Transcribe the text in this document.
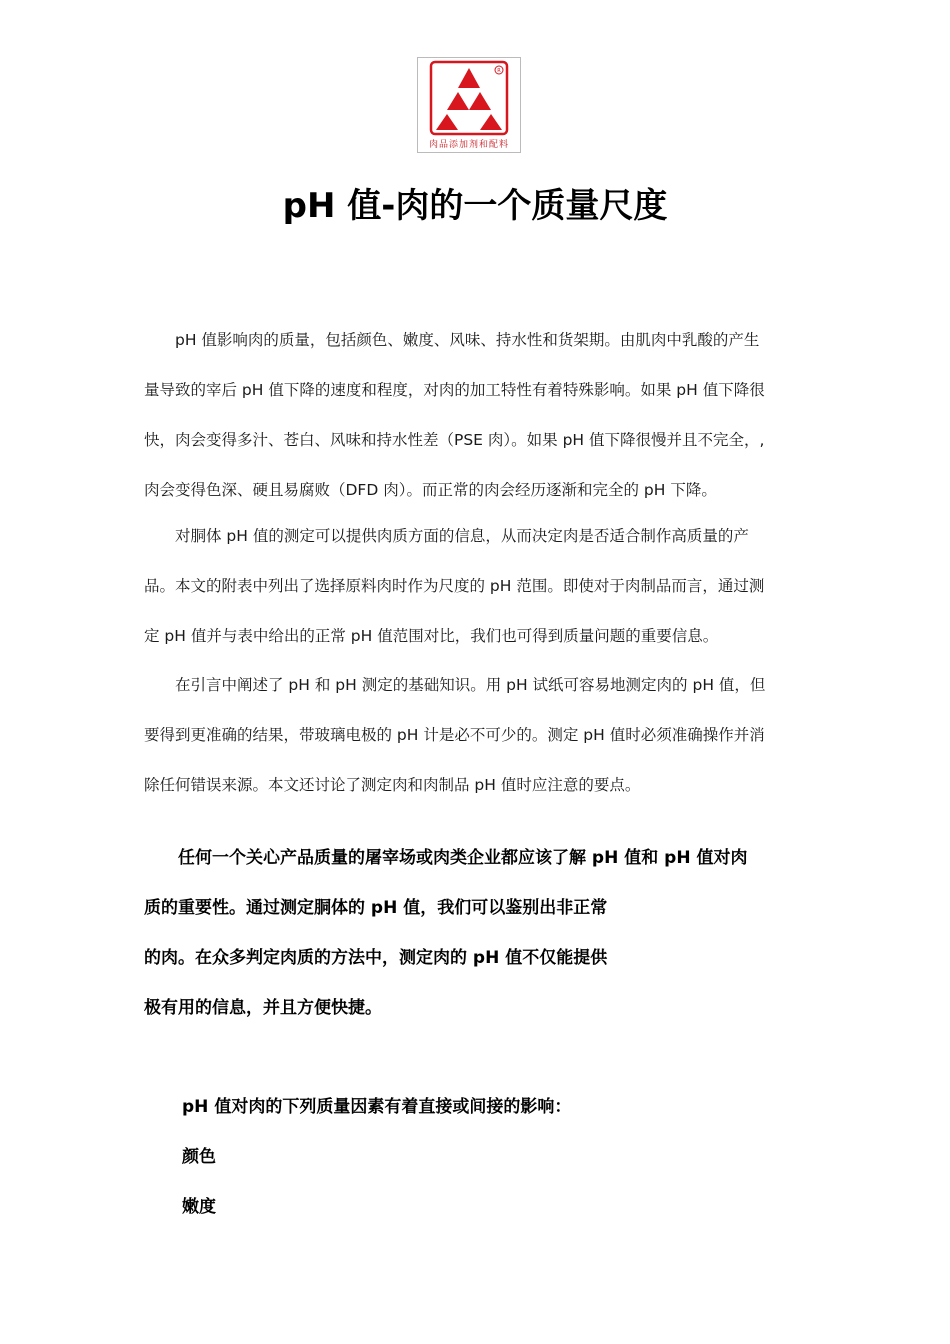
R
肉品添加剂和配料
pH 值-肉的一个质量尺度

　　pH 值影响肉的质量，包括颜色、嫩度、风味、持水性和货架期。由肌肉中乳酸的产生
量导致的宰后 pH 值下降的速度和程度，对肉的加工特性有着特殊影响。如果 pH 值下降很
快，肉会变得多汁、苍白、风味和持水性差（PSE 肉）。如果 pH 值下降很慢并且不完全，,
肉会变得色深、硬且易腐败（DFD 肉）。而正常的肉会经历逐渐和完全的 pH 下降。

　　对胴体 pH 值的测定可以提供肉质方面的信息，从而决定肉是否适合制作高质量的产
品。本文的附表中列出了选择原料肉时作为尺度的 pH 范围。即使对于肉制品而言，通过测
定 pH 值并与表中给出的正常 pH 值范围对比，我们也可得到质量问题的重要信息。

　　在引言中阐述了 pH 和 pH 测定的基础知识。用 pH 试纸可容易地测定肉的 pH 值，但
要得到更准确的结果，带玻璃电极的 pH 计是必不可少的。测定 pH 值时必须准确操作并消
除任何错误来源。本文还讨论了测定肉和肉制品 pH 值时应注意的要点。

　　任何一个关心产品质量的屠宰场或肉类企业都应该了解 pH 值和 pH 值对肉
质的重要性。通过测定胴体的 pH 值，我们可以鉴别出非正常
的肉。在众多判定肉质的方法中，测定肉的 pH 值不仅能提供
极有用的信息，并且方便快捷。

pH 值对肉的下列质量因素有着直接或间接的影响：
颜色
嫩度
